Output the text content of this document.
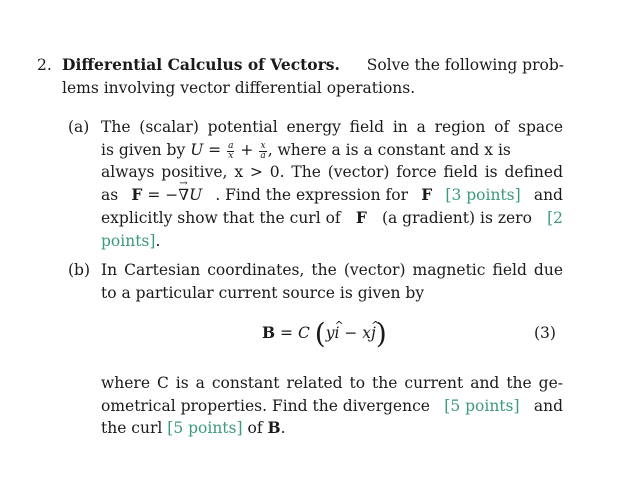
2. Differential Calculus of Vectors. Solve the following prob-
lems involving vector differential operations.
(a) The (scalar) potential energy field in a region of space
is given by $U = \frac{a}{x} + \frac{x}{a}$ , where a is a constant and x is
always positive, x > 0. The (vector) force field is defined
as F = −→ ∇U . Find the expression for F [3 points] and
explicitly show that the curl of F (a gradient) is zero [2
points].
(b) In Cartesian coordinates, the (vector) magnetic field due
to a particular current source is given by
B = C (y^ i − x^ j)	(3)
where C is a constant related to the current and the ge-
ometrical properties. Find the divergence [5 points] and
the curl [5 points] of B.
